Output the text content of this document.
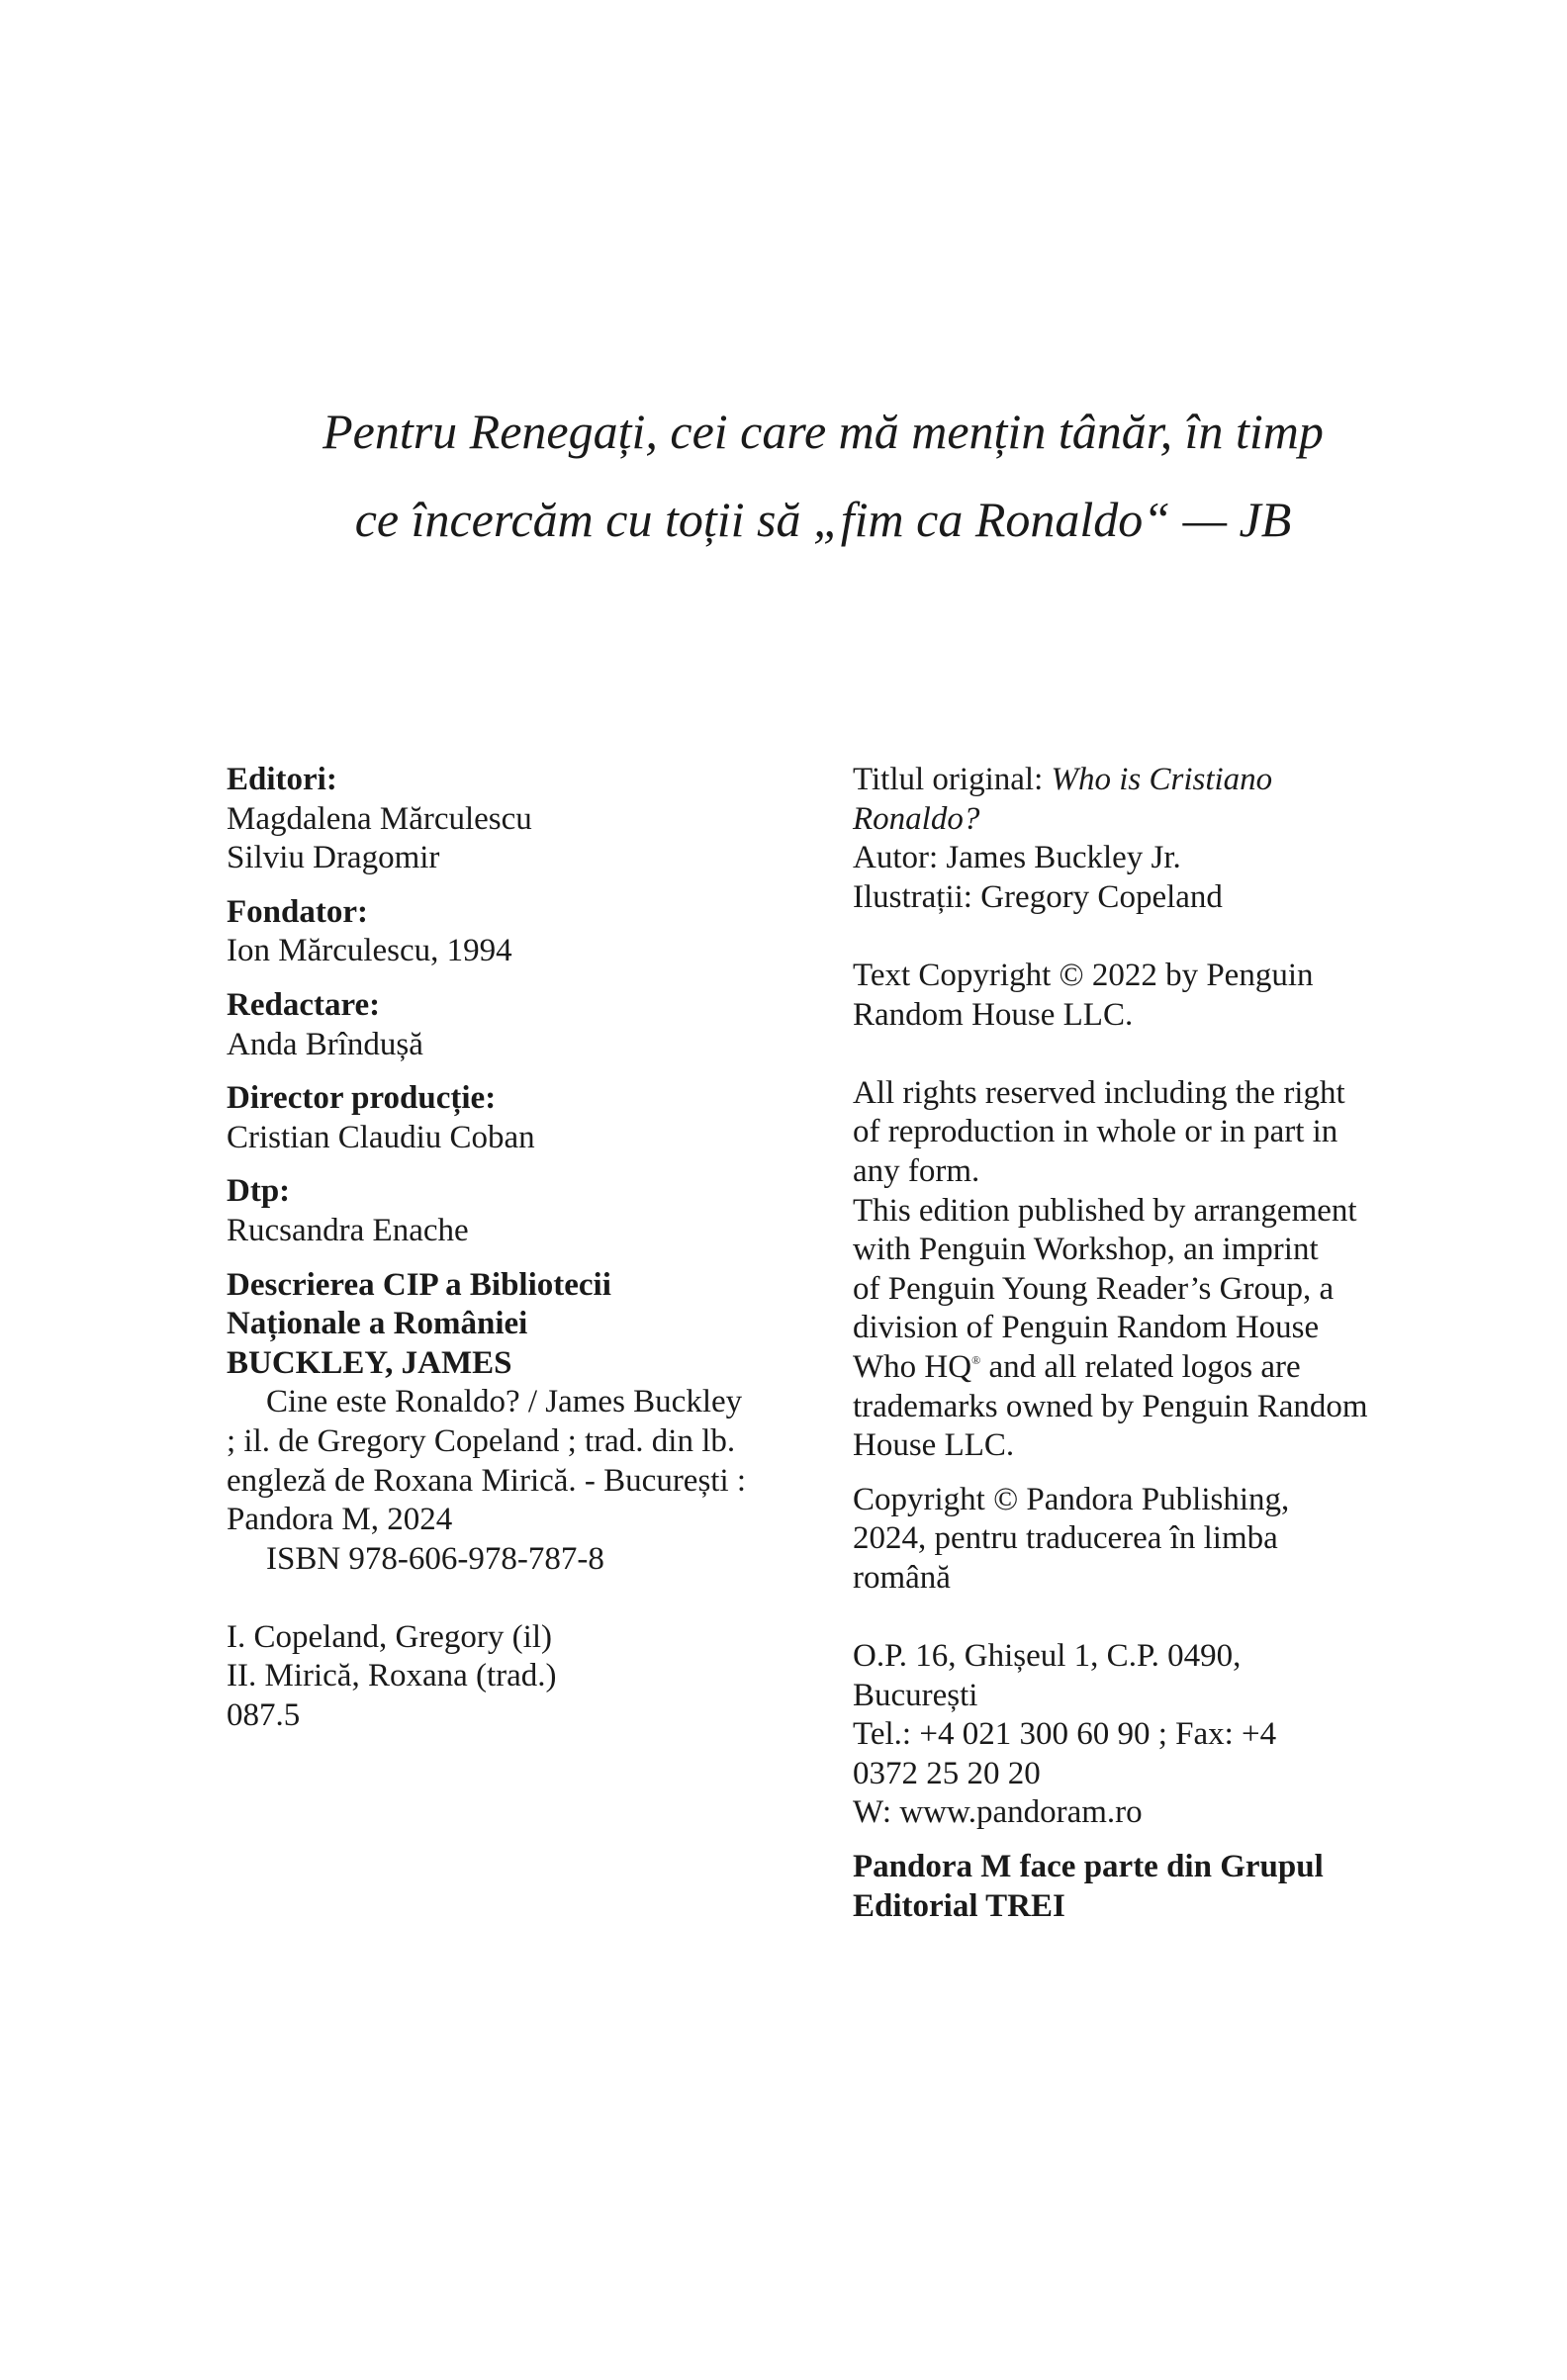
Pentru Renegați, cei care mă mențin tânăr, în timp
ce încercăm cu toții să „fim ca Ronaldo“ — JB
Editori:
Magdalena Mărculescu
Silviu Dragomir
Fondator:
Ion Mărculescu, 1994
Redactare:
Anda Brîndușă
Director producție:
Cristian Claudiu Coban
Dtp:
Rucsandra Enache
Descrierea CIP a Bibliotecii
Naționale a României
BUCKLEY, JAMES
Cine este Ronaldo? / James Buckley
; il. de Gregory Copeland ; trad. din lb.
engleză de Roxana Mirică. - București :
Pandora M, 2024
ISBN 978-606-978-787-8
I. Copeland, Gregory (il)
II. Mirică, Roxana (trad.)
087.5
Titlul original: Who is Cristiano
Ronaldo?
Autor: James Buckley Jr.
Ilustrații: Gregory Copeland
Text Copyright © 2022 by Penguin
Random House LLC.
All rights reserved including the right
of reproduction in whole or in part in
any form.
This edition published by arrangement
with Penguin Workshop, an imprint
of Penguin Young Reader’s Group, a
division of Penguin Random House
Who HQ® and all related logos are
trademarks owned by Penguin Random
House LLC.
Copyright © Pandora Publishing,
2024, pentru traducerea în limba
română
O.P. 16, Ghișeul 1, C.P. 0490,
București
Tel.: +4 021 300 60 90 ; Fax: +4
0372 25 20 20
W: www.pandoram.ro
Pandora M face parte din Grupul
Editorial TREI
